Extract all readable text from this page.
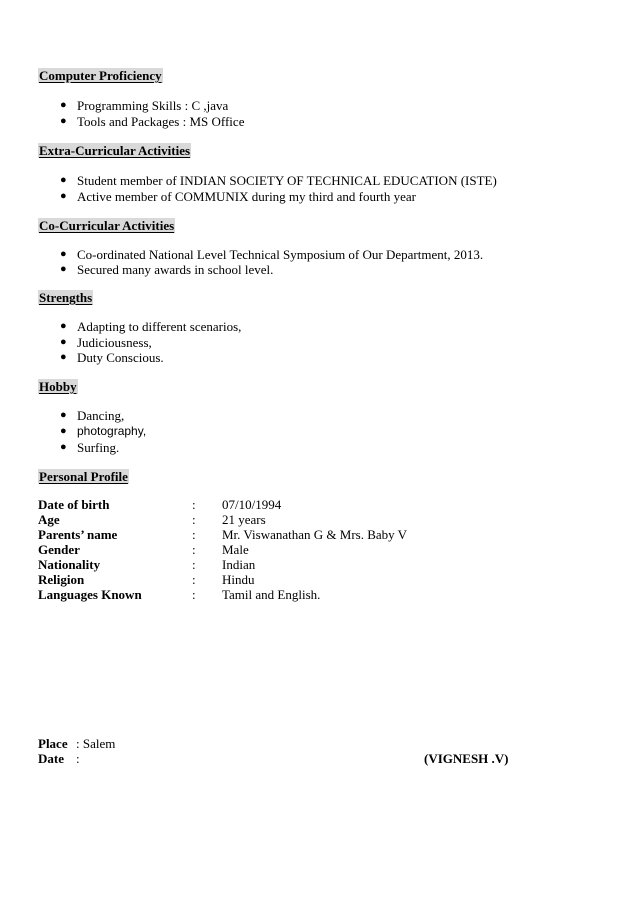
Computer Proficiency
● Programming Skills : C ,java
● Tools and Packages : MS Office
Extra-Curricular Activities
● Student member of INDIAN SOCIETY OF TECHNICAL EDUCATION (ISTE)
● Active member of COMMUNIX during my third and fourth year
Co-Curricular Activities
● Co-ordinated National Level Technical Symposium of Our Department, 2013.
● Secured many awards in school level.
Strengths
● Adapting to different scenarios,
● Judiciousness,
● Duty Conscious.
Hobby
● Dancing,
● photography,
● Surfing.
Personal Profile
Date of birth	: 07/10/1994
Age	: 21 years
Parents’ name	: Mr. Viswanathan G & Mrs. Baby V
Gender	: Male
Nationality	: Indian
Religion	: Hindu
Languages Known	: Tamil and English.
Place : Salem
Date :	(VIGNESH .V)
